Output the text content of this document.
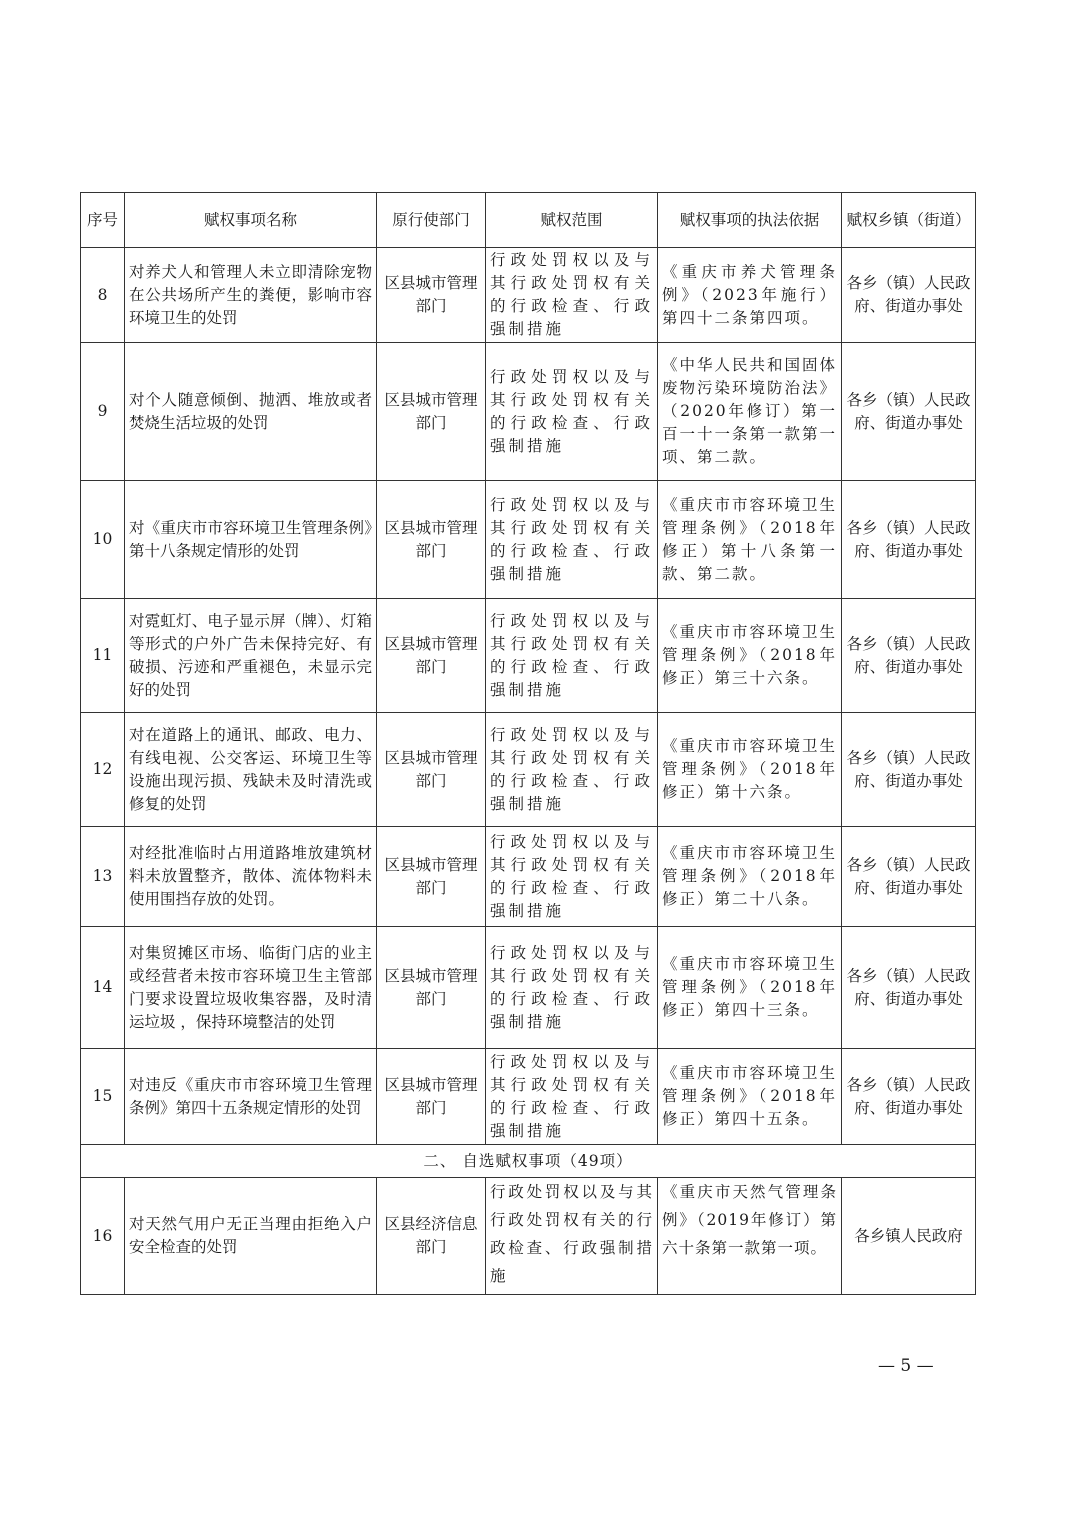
序号	赋权事项名称	原行使部门	赋权范围	赋权事项的执法依据	赋权乡镇（街道）
8	对养犬人和管理人未立即清除宠物在公共场所产生的粪便，影响市容环境卫生的处罚	区县城市管理部门	行政处罚权以及与其行政处罚权有关的行政检查、行政强制措施	《重庆市养犬管理条例》（2023年施行）第四十二条第四项。	各乡（镇）人民政府、街道办事处
9	对个人随意倾倒、抛洒、堆放或者焚烧生活垃圾的处罚	区县城市管理部门	行政处罚权以及与其行政处罚权有关的行政检查、行政强制措施	《中华人民共和国固体废物污染环境防治法》（2020年修订）第一百一十一条第一款第一项、第二款。	各乡（镇）人民政府、街道办事处
10	对《重庆市市容环境卫生管理条例》第十八条规定情形的处罚	区县城市管理部门	行政处罚权以及与其行政处罚权有关的行政检查、行政强制措施	《重庆市市容环境卫生管理条例》（2018年修正）第十八条第一款、第二款。	各乡（镇）人民政府、街道办事处
11	对霓虹灯、电子显示屏（牌）、灯箱等形式的户外广告未保持完好、有破损、污迹和严重褪色，未显示完好的处罚	区县城市管理部门	行政处罚权以及与其行政处罚权有关的行政检查、行政强制措施	《重庆市市容环境卫生管理条例》（2018年修正）第三十六条。	各乡（镇）人民政府、街道办事处
12	对在道路上的通讯、邮政、电力、有线电视、公交客运、环境卫生等设施出现污损、残缺未及时清洗或修复的处罚	区县城市管理部门	行政处罚权以及与其行政处罚权有关的行政检查、行政强制措施	《重庆市市容环境卫生管理条例》（2018年修正）第十六条。	各乡（镇）人民政府、街道办事处
13	对经批准临时占用道路堆放建筑材料未放置整齐，散体、流体物料未使用围挡存放的处罚。	区县城市管理部门	行政处罚权以及与其行政处罚权有关的行政检查、行政强制措施	《重庆市市容环境卫生管理条例》（2018年修正）第二十八条。	各乡（镇）人民政府、街道办事处
14	对集贸摊区市场、临街门店的业主或经营者未按市容环境卫生主管部门要求设置垃圾收集容器，及时清运垃圾 ，保持环境整洁的处罚	区县城市管理部门	行政处罚权以及与其行政处罚权有关的行政检查、行政强制措施	《重庆市市容环境卫生管理条例》（2018年修正）第四十三条。	各乡（镇）人民政府、街道办事处
15	对违反《重庆市市容环境卫生管理条例》第四十五条规定情形的处罚	区县城市管理部门	行政处罚权以及与其行政处罚权有关的行政检查、行政强制措施	《重庆市市容环境卫生管理条例》（2018年修正）第四十五条。	各乡（镇）人民政府、街道办事处
二、 自选赋权事项（49项）					
16	对天然气用户无正当理由拒绝入户安全检查的处罚	区县经济信息部门	行政处罚权以及与其行政处罚权有关的行政检查、行政强制措施	《重庆市天然气管理条例》（2019年修订）第六十条第一款第一项。	各乡镇人民政府
— 5 —
